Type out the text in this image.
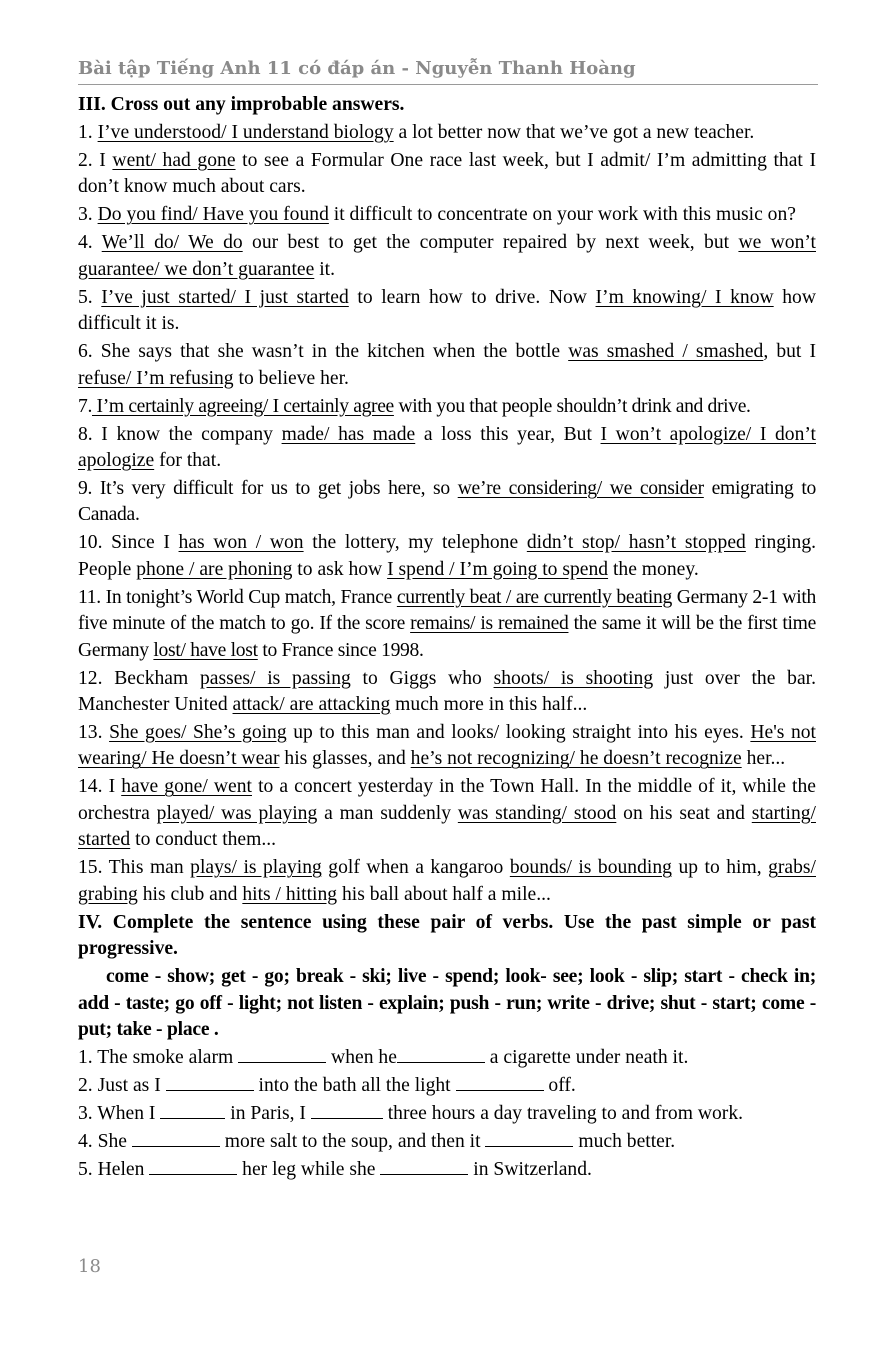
Bài tập Tiếng Anh 11 có đáp án - Nguyễn Thanh Hoàng

III. Cross out any improbable answers.

1. I’ve understood/ I understand biology a lot better now that we’ve got a new teacher.

2. I went/ had gone to see a Formular One race last week, but I admit/ I’m admitting that I don’t know much about cars.

3. Do you find/ Have you found it difficult to concentrate on your work with this music on?

4. We’ll do/ We do our best to get the computer repaired by next week, but we won’t guarantee/ we don’t guarantee it.

5. I’ve just started/ I just started to learn how to drive. Now I’m knowing/ I know how difficult it is.

6. She says that she wasn’t in the kitchen when the bottle was smashed / smashed, but I refuse/ I’m refusing to believe her.

7. I’m certainly agreeing/ I certainly agree with you that people shouldn’t drink and drive.

8. I know the company made/ has made a loss this year, But I won’t apologize/ I don’t apologize for that.

9. It’s very difficult for us to get jobs here, so we’re considering/ we consider emigrating to Canada.

10. Since I has won / won the lottery, my telephone didn’t stop/ hasn’t stopped ringing. People phone / are phoning to ask how I spend / I’m going to spend the money.

11. In tonight’s World Cup match, France currently beat / are currently beating Germany 2-1 with five minute of the match to go. If the score remains/ is remained the same it will be the first time Germany lost/ have lost to France since 1998.

12. Beckham passes/ is passing to Giggs who shoots/ is shooting just over the bar. Manchester United attack/ are attacking much more in this half...

13. She goes/ She’s going up to this man and looks/ looking straight into his eyes. He's not wearing/ He doesn’t wear his glasses, and he’s not recognizing/ he doesn’t recognize her...

14. I have gone/ went to a concert yesterday in the Town Hall. In the middle of it, while the orchestra played/ was playing a man suddenly was standing/ stood on his seat and starting/ started to conduct them...

15. This man plays/ is playing golf when a kangaroo bounds/ is bounding up to him, grabs/ grabing his club and hits / hitting his ball about half a mile...

IV. Complete the sentence using these pair of verbs. Use the past simple or past progressive.

come - show; get - go; break - ski; live - spend; look- see; look - slip; start - check in; add - taste; go off - light; not listen - explain; push - run; write - drive; shut - start; come - put; take - place .

1. The smoke alarm	when he	a cigarette under neath it.

2. Just as I	into the bath all the light	off.

3. When I	in Paris, I	three hours a day traveling to and from work.

4. She	more salt to the soup, and then it	much better.

5. Helen	her leg while she	in Switzerland.

18
